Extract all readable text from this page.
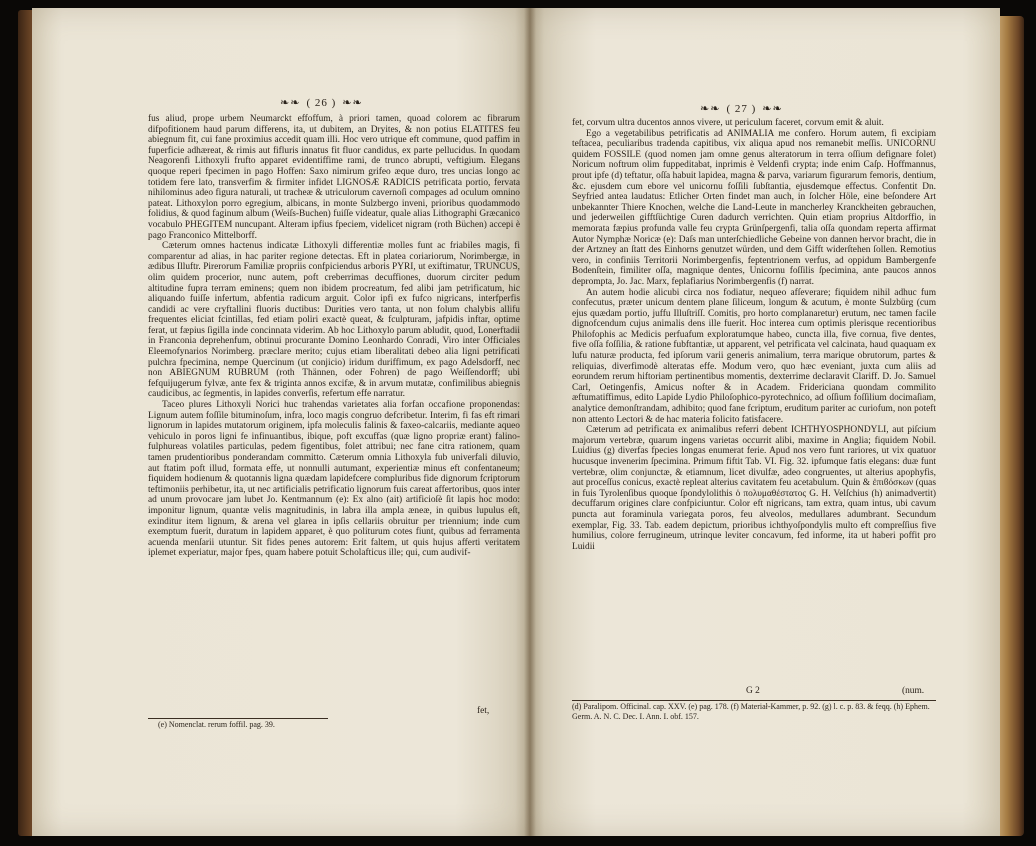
❧❧ ( 26 ) ❧❧

fus aliud, prope urbem Neumarckt effoffum, à priori tamen, quoad colorem ac fibrarum difpofitionem haud parum differens, ita, ut dubitem, an Dryites, & non potius ELATITES feu abiegnum fit, cui fane proximius accedit quam illi. Hoc vero utrique eft commune, quod paffim in fuperficie adhæreat, & rimis aut fifluris innatus fit fluor candidus, ex parte pellucidus. In quodam Neagorenfi Lithoxyli frufto apparet evidentiffime rami, de trunco abrupti, veftigium. Elegans quoque reperi fpecimen in pago Hoffen: Saxo nimirum grifeo æque duro, tres uncias longo ac totidem fere lato, transverfim & firmiter infidet LIGNOSÆ RADICIS petrificata portio, fervata nihilominus adeo figura naturali, ut tracheæ & utriculorum cavernoſi compages ad oculum omnino pateat. Lithoxylon porro egregium, albicans, in monte Sulzbergo inveni, prioribus quodammodo folidius, & quod faginum album (Weiſs-Buchen) fuiſſe videatur, quale alias Lithographi Græcanico vocabulo PHEGITEM nuncupant. Alteram ipfius fpeciem, videlicet nigram (roth Büchen) accepi è pago Franconico Mittelborff.

Cæterum omnes hactenus indicatæ Lithoxyli differentiæ molles funt ac friabiles magis, fi comparentur ad alias, in hac pariter regione detectas. Eft in platea coriariorum, Norimbergæ, in ædibus Illuftr. Pirerorum Familiæ propriis confpiciendus arboris PYRI, ut exiftimatur, TRUNCUS, olim quidem procerior, nunc autem, poft creberrimas decuffiones, duorum circiter pedum altitudine fupra terram eminens; quem non ibidem procreatum, fed alibi jam petrificatum, hic aliquando fuiſſe infertum, abfentia radicum arguit. Color ipfi ex fufco nigricans, interfperfis candidi ac vere cryftallini fluoris ductibus: Durities vero tanta, ut non folum chalybis allifu frequentes eliciat fcintillas, fed etiam poliri exactè queat, & fculpturam, jafpidis inftar, optime ferat, ut fæpius ſigilla inde concinnata viderim. Ab hoc Lithoxylo parum abludit, quod, Lonerftadii in Franconia deprehenfum, obtinui procurante Domino Leonhardo Conradi, Viro inter Officiales Eleemofynarios Norimberg. præclare merito; cujus etiam liberalitati debeo alia ligni petrificati pulchra fpecimina, nempe Quercinum (ut conjicio) iridum duriffimum, ex pago Adelsdorff, nec non ABIEGNUM RUBRUM (roth Thännen, oder Fohren) de pago Weiſſendorff; ubi fefquijugerum fylvæ, ante fex & triginta annos excifæ, & in arvum mutatæ, confimilibus abiegnis caudicibus, ac ſegmentis, in lapides converſis, refertum effe narratur.

Taceo plures Lithoxyli Norici huc trahendas varietates alia forfan occafione proponendas: Lignum autem foſſile bituminoſum, infra, loco magis congruo defcribetur. Interim, fi fas eft rimari lignorum in lapides mutatorum originem, ipfa moleculis falinis & faxeo-calcariis, mediante aqueo vehiculo in poros ligni fe infinuantibus, ibique, poft excuffas (quæ ligno propriæ erant) falino-fulphureas volatiles particulas, pedem figentibus, folet attribui; nec fane citra rationem, quam tamen prudentioribus ponderandam committo. Cæterum omnia Lithoxyla fub univerfali diluvio, aut ftatim poft illud, formata effe, ut nonnulli autumant, experientiæ minus eft confentaneum; fiquidem hodienum & quotannis ligna quædam lapidefcere compluribus fide dignorum fcriptorum teftimoniis perhibetur, ita, ut nec artificialis petrificatio lignorum fuis careat affertoribus, quos inter ad unum provocare jam lubet Jo. Kentmannum (e): Ex alno (ait) artificioſè ſit lapis hoc modo: imponitur lignum, quantæ velis magnitudinis, in labra illa ampla æneæ, in quibus lupulus eſt, exinditur item lignum, & arena vel glarea in ipſis cellariis obruitur per triennium; inde cum exemptum fuerit, duratum in lapidem apparet, è quo politurum cotes fiunt, quibus ad ferramenta acuenda menſarii utuntur. Sit fides penes autorem: Erit faltem, ut quis hujus afferti veritatem iplemet experiatur, major fpes, quam habere potuit Scholafticus ille; qui, cum audivif-

fet,
(e) Nomenclat. rerum foffil. pag. 39.
❧❧ ( 27 ) ❧❧

fet, corvum ultra ducentos annos vivere, ut periculum faceret, corvum emit & aluit.

Ego a vegetabilibus petrificatis ad ANIMALIA me confero. Horum autem, fi excipiam teſtacea, peculiaribus tradenda capitibus, vix aliqua apud nos remanebit meſſis. UNICORNU quidem FOSSILE (quod nomen jam omne genus alteratorum in terra oſſium defignare folet) Noricum noftrum olim fuppeditabat, inprimis è Veldenfi crypta; inde enim Caſp. Hoffmannus, prout ipfe (d) teftatur, oſſa habuit lapidea, magna & parva, variarum figurarum femoris, dentium, &c. ejusdem cum ebore vel unicornu foſſili ſubſtantia, ejusdemque effectus. Confentit Dn. Seyfried antea laudatus: Etlicher Orten findet man auch, in ſolcher Höle, eine beſondere Art unbekannter Thiere Knochen, welche die Land-Leute in mancherley Kranckheiten gebrauchen, und jederweilen gifftſüchtige Curen dadurch verrichten. Quin etiam proprius Altdorffio, in memorata fæpius profunda valle feu crypta Grünſpergenfi, talia oſſa quondam reperta affirmat Autor Nymphæ Noricæ (e): Daſs man unterſchiedliche Gebeine von dannen hervor bracht, die in der Artzney an ſtatt des Einhorns genutzet würden, und dem Gifft widerſtehen ſollen. Remotius vero, in confiniis Territorii Norimbergenfis, feptentrionem verfus, ad oppidum Bambergenfe Bodenſtein, fimiliter oſſa, magnique dentes, Unicornu foſſilis ſpecimina, ante paucos annos deprompta, Jo. Jac. Marx, feplafiarius Norimbergenfis (f) narrat.

An autem hodie alicubi circa nos fodiatur, nequeo afſeverare; fiquidem nihil adhuc fum confecutus, præter unicum dentem plane ſiliceum, longum & acutum, è monte Sulzbürg (cum ejus quædam portio, juffu Illuſtriſſ. Comitis, pro horto complanaretur) erutum, nec tamen facile dignofcendum cujus animalis dens ille fuerit. Hoc interea cum optimis plerisque recentioribus Philofophis ac Medicis perfuafum exploratumque habeo, cuncta illa, five cornua, five dentes, five oſſa foſſilia, & ratione fubftantiæ, ut apparent, vel petrificata vel calcinata, haud quaquam ex lufu naturæ producta, fed ipſorum varii generis animalium, terra marique obrutorum, partes & reliquias, diverfimodè alteratas effe. Modum vero, quo hæc eveniant, juxta cum aliis ad eorundem rerum hiftoriam pertinentibus momentis, dexterrime declaravit Clariff. D. Jo. Samuel Carl, Oetingenfis, Amicus nofter & in Academ. Fridericiana quondam commilito æftumatiffimus, edito Lapide Lydio Philoſophico-pyrotechnico, ad oſſium foſſilium docimaſiam, analytice demonſtrandam, adhibito; quod fane fcriptum, eruditum pariter ac curiofum, non poteft non attento Lectori & de hac materia folicito fatisfacere.

Cæterum ad petrificata ex animalibus referri debent ICHTHYOSPHONDYLI, aut piſcium majorum vertebræ, quarum ingens varietas occurrit alibi, maxime in Anglia; fiquidem Nobil. Luidius (g) diverfas fpecies longas enumerat ferie. Apud nos vero funt rariores, ut vix quatuor hucusque invenerim ſpecimina. Primum fiftit Tab. VI. Fig. 32. ipfumque fatis elegans: duæ funt vertebræ, olim conjunctæ, & etiamnum, licet divulfæ, adeo congruentes, ut alterius apophyfis, aut proceſſus conicus, exactè repleat alterius cavitatem feu acetabulum. Quin & ἐπιϐόσκων (quas in fuis Tyrolenſibus quoque ſpondylolithis ὁ πολυμαθέστατος G. H. Velſchius (h) animadvertit) decuffarum origines clare confpiciuntur. Color eft nigricans, tam extra, quam intus, ubi cavum puncta aut foraminula variegata poros, feu alveolos, medullares adumbrant. Secundum exemplar, Fig. 33. Tab. eadem depictum, prioribus ichthyoſpondylis multo eft compreſſius five humilius, colore ferrugineum, utrinque leviter concavum, fed informe, ita ut haberi poffit pro Luidii

G 2	(num.
(d) Paralipom. Officinal. cap. XXV. (e) pag. 178. (f) Materiał-Kammer, p. 92. (g) l. c. p. 83. & feqq. (h) Ephem. Germ. A. N. C. Dec. I. Ann. I. obf. 157.
